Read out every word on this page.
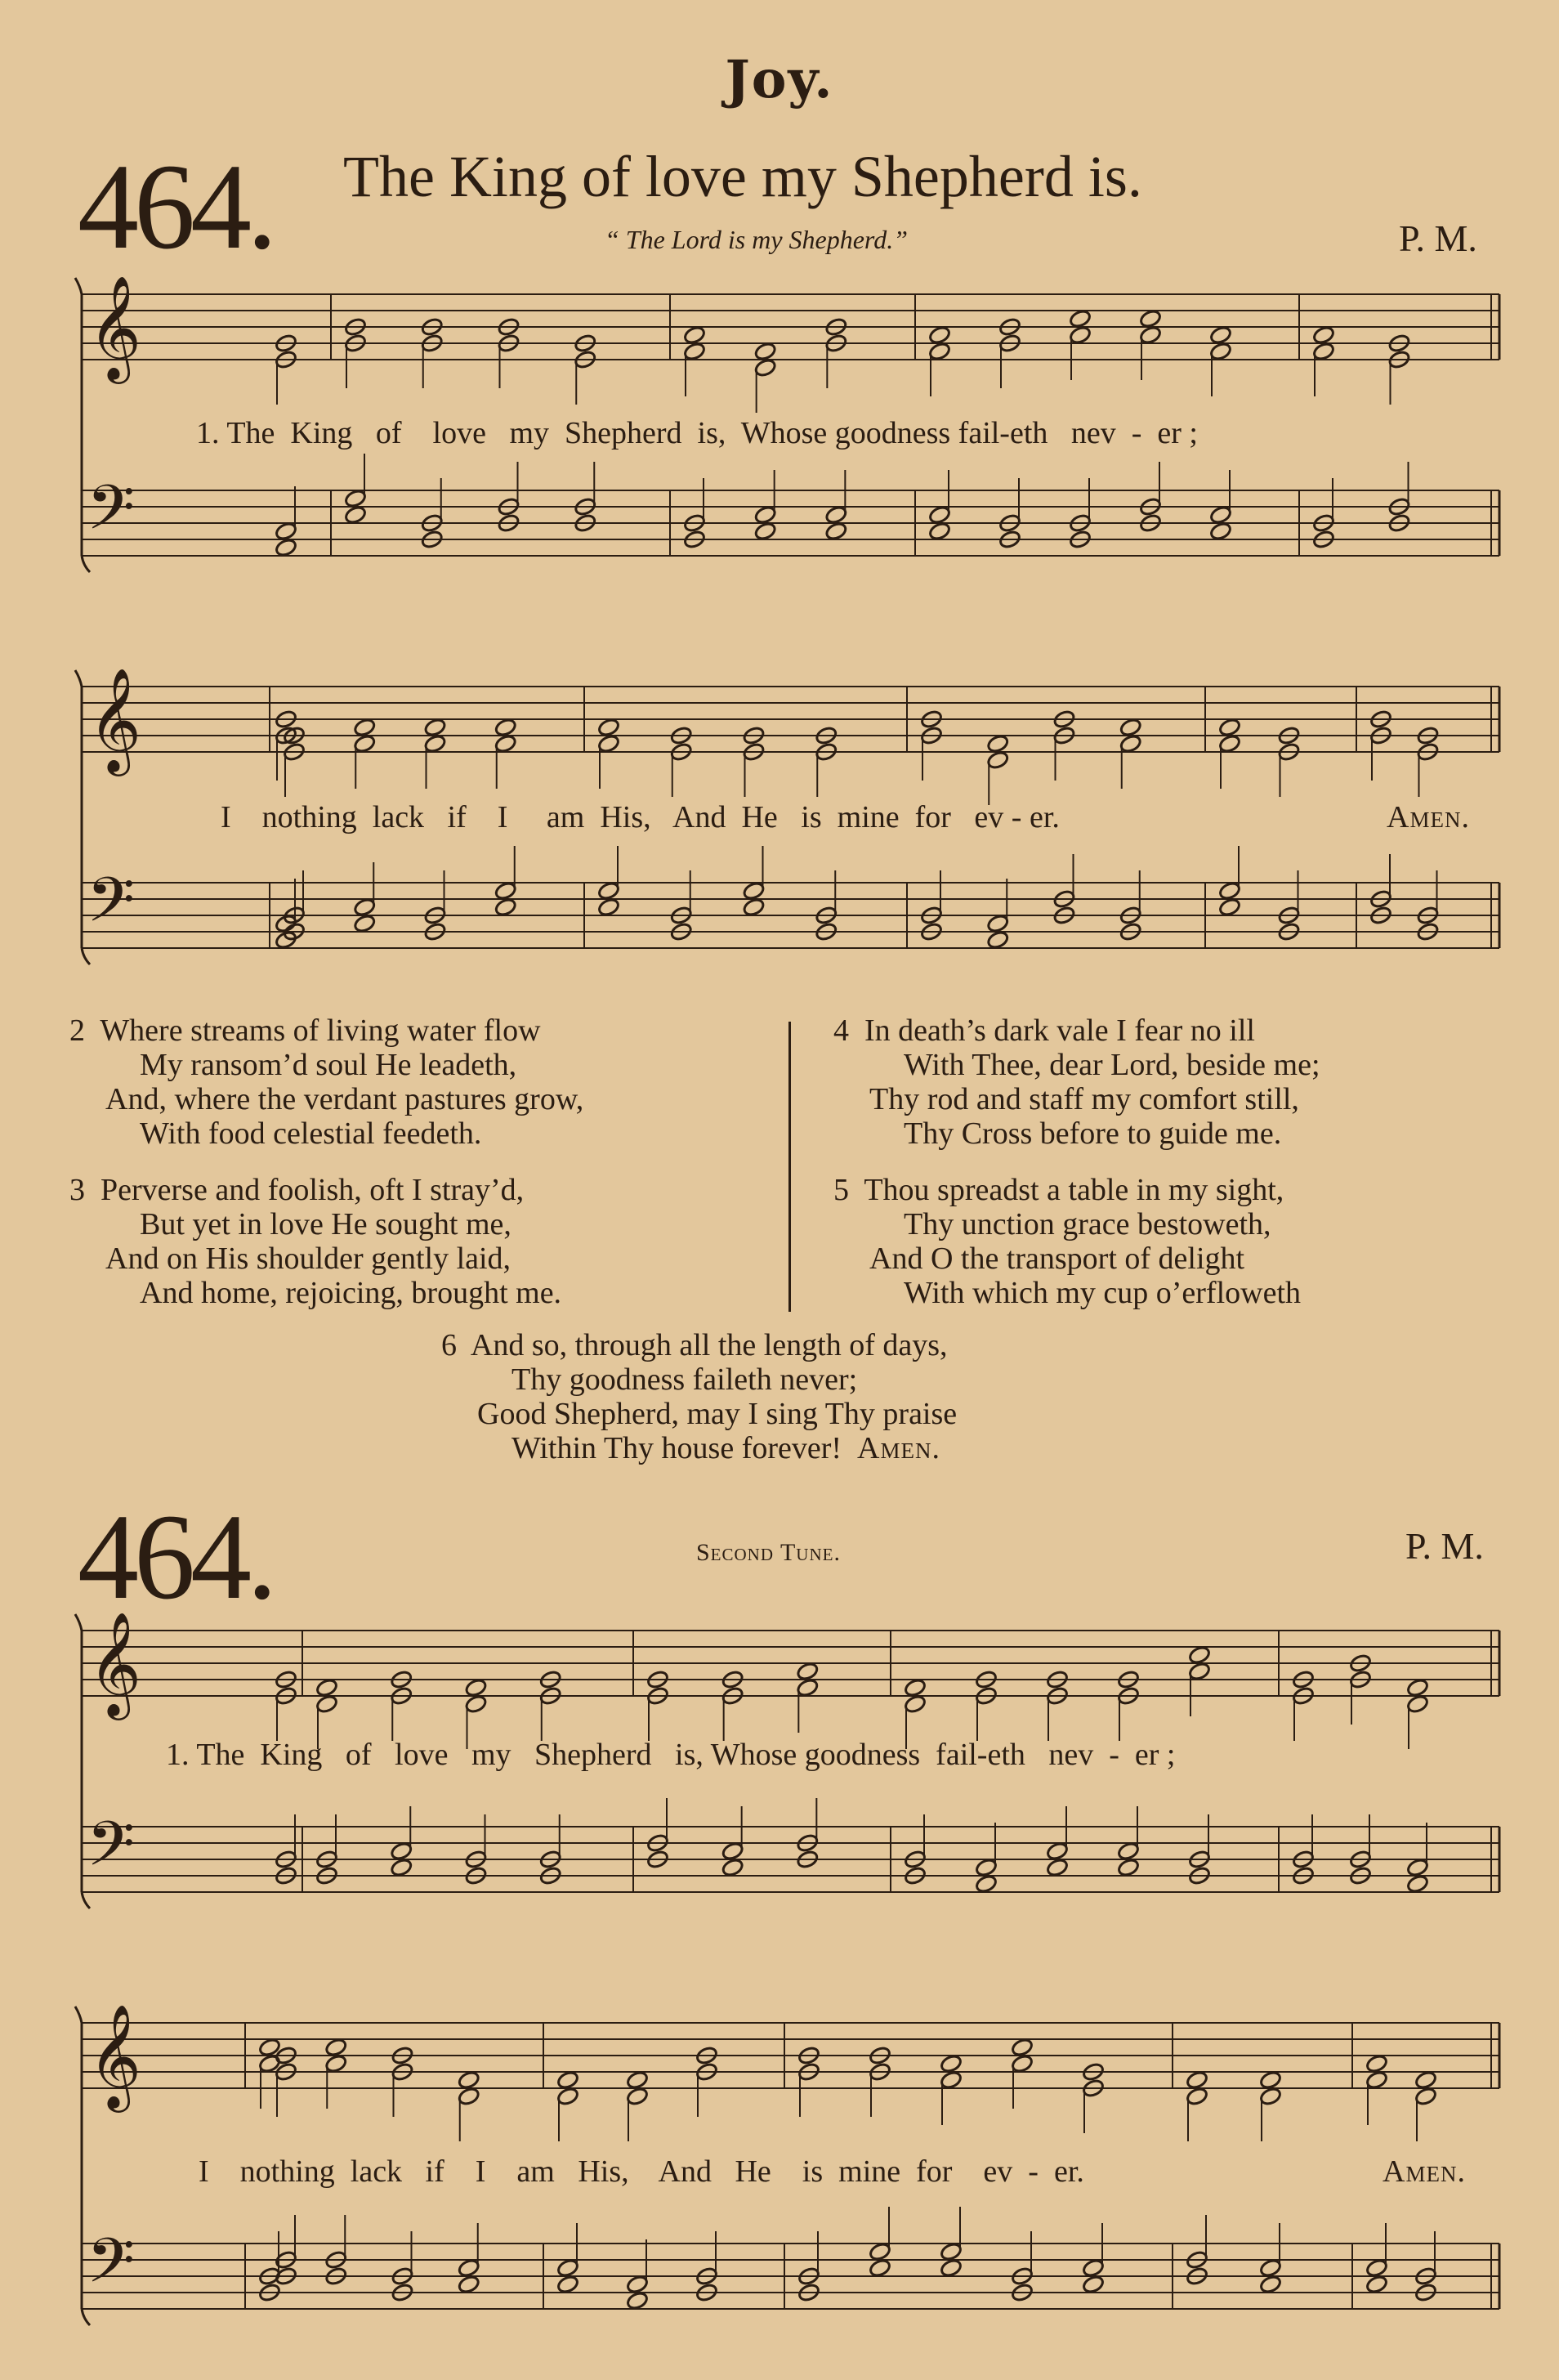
Joy.
464. The King of love my Shepherd is.
“ The Lord is my Shepherd.”	P. M.
𝄞
𝄢
1. The  King   of    love   my  Shepherd  is,  Whose goodness fail-eth   nev  -  er ;
𝄞
𝄢
I    nothing  lack   if    I     am  His,   And  He   is  mine  for   ev - er.	Amen.
2  Where streams of living water flow
My ransom’d soul He leadeth,
And, where the verdant pastures grow,
With food celestial feedeth.
3  Perverse and foolish, oft I stray’d,
But yet in love He sought me,
And on His shoulder gently laid,
And home, rejoicing, brought me.
4  In death’s dark vale I fear no ill
With Thee, dear Lord, beside me;
Thy rod and staff my comfort still,
Thy Cross before to guide me.
5  Thou spreadst a table in my sight,
Thy unction grace bestoweth,
And O the transport of delight
With which my cup o’erfloweth
6  And so, through all the length of days,
Thy goodness faileth never;
Good Shepherd, may I sing Thy praise
Within Thy house forever! Amen.
464.	Second Tune.	P. M.
𝄞
𝄢
1. The  King   of   love   my   Shepherd   is, Whose goodness  fail-eth   nev  -  er ;
𝄞
𝄢
I    nothing  lack   if    I    am   His,    And   He    is  mine  for    ev  -  er.	Amen.
